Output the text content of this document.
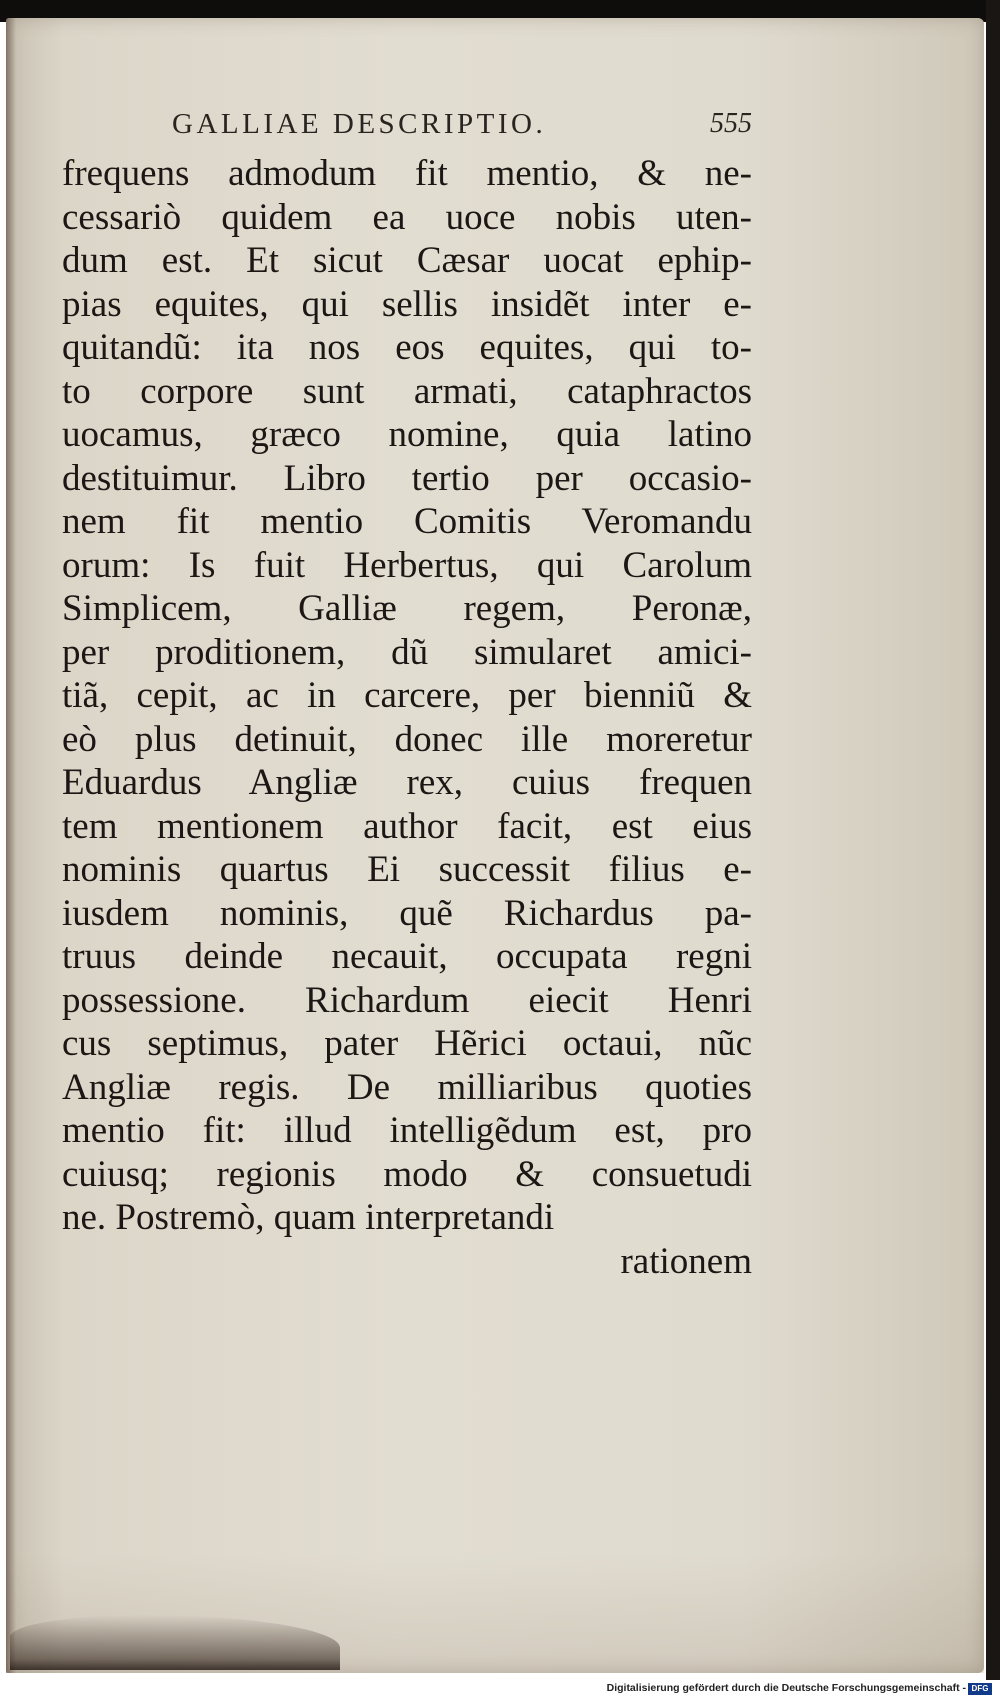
GALLIAE DESCRIPTIO.	555
frequens admodum fit mentio, & ne-
cessariò quidem ea uoce nobis uten-
dum est. Et sicut Cæsar uocat ephip-
pias equites, qui sellis insidẽt inter e-
quitandũ: ita nos eos equites, qui to-
to corpore sunt armati, cataphractos
uocamus, græco nomine, quia latino
destituimur. Libro tertio per occasio-
nem fit mentio Comitis Veromandu
orum: Is fuit Herbertus, qui Carolum
Simplicem, Galliæ regem, Peronæ,
per proditionem, dũ simularet amici-
tiã, cepit, ac in carcere, per bienniũ &
eò plus detinuit, donec ille moreretur
Eduardus Angliæ rex, cuius frequen
tem mentionem author facit, est eius
nominis quartus Ei successit filius e-
iusdem nominis, quẽ Richardus pa-
truus deinde necauit, occupata regni
possessione. Richardum eiecit Henri
cus septimus, pater Hẽrici octaui, nũc
Angliæ regis. De milliaribus quoties
mentio fit: illud intelligẽdum est, pro
cuiusq; regionis modo & consuetudi
ne. Postremò, quam interpretandi
rationem
Digitalisierung gefördert durch die Deutsche Forschungsgemeinschaft - DFG
